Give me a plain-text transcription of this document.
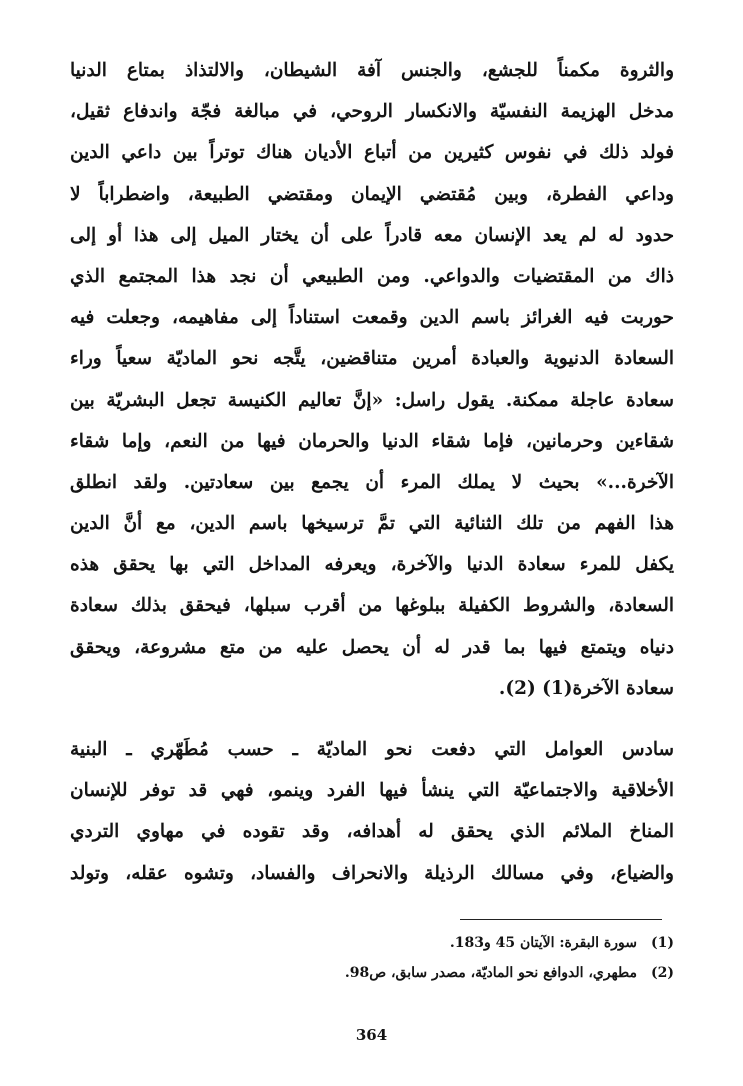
والثروة مكمناً للجشع، والجنس آفة الشيطان، والالتذاذ بمتاع الدنيا
مدخل الهزيمة النفسيّة والانكسار الروحي، في مبالغة فجّة واندفاع ثقيل،
فولد ذلك في نفوس كثيرين من أتباع الأديان هناك توتراً بين داعي الدين
وداعي الفطرة، وبين مُقتضي الإيمان ومقتضي الطبيعة، واضطراباً لا
حدود له لم يعد الإنسان معه قادراً على أن يختار الميل إلى هذا أو إلى
ذاك من المقتضيات والدواعي. ومن الطبيعي أن نجد هذا المجتمع الذي
حوربت فيه الغرائز باسم الدين وقمعت استناداً إلى مفاهيمه، وجعلت فيه
السعادة الدنيوية والعبادة أمرين متناقضين، يتَّجه نحو الماديّة سعياً وراء
سعادة عاجلة ممكنة. يقول راسل: «إنَّ تعاليم الكنيسة تجعل البشريّة بين
شقاءين وحرمانين، فإما شقاء الدنيا والحرمان فيها من النعم، وإما شقاء
الآخرة...» بحيث لا يملك المرء أن يجمع بين سعادتين. ولقد انطلق
هذا الفهم من تلك الثنائية التي تمَّ ترسيخها باسم الدين، مع أنَّ الدين
يكفل للمرء سعادة الدنيا والآخرة، ويعرفه المداخل التي بها يحقق هذه
السعادة، والشروط الكفيلة ببلوغها من أقرب سبلها، فيحقق بذلك سعادة
دنياه ويتمتع فيها بما قدر له أن يحصل عليه من متع مشروعة، ويحقق
سعادة الآخرة(1) (2).
سادس العوامل التي دفعت نحو الماديّة ـ حسب مُطَهّري ـ البنية
الأخلاقية والاجتماعيّة التي ينشأ فيها الفرد وينمو، فهي قد توفر للإنسان
المناخ الملائم الذي يحقق له أهدافه، وقد تقوده في مهاوي التردي
والضياع، وفي مسالك الرذيلة والانحراف والفساد، وتشوه عقله، وتولد
(1)سورة البقرة: الآيتان 45 و183.
(2)مطهري، الدوافع نحو الماديّة، مصدر سابق، ص98.
364
